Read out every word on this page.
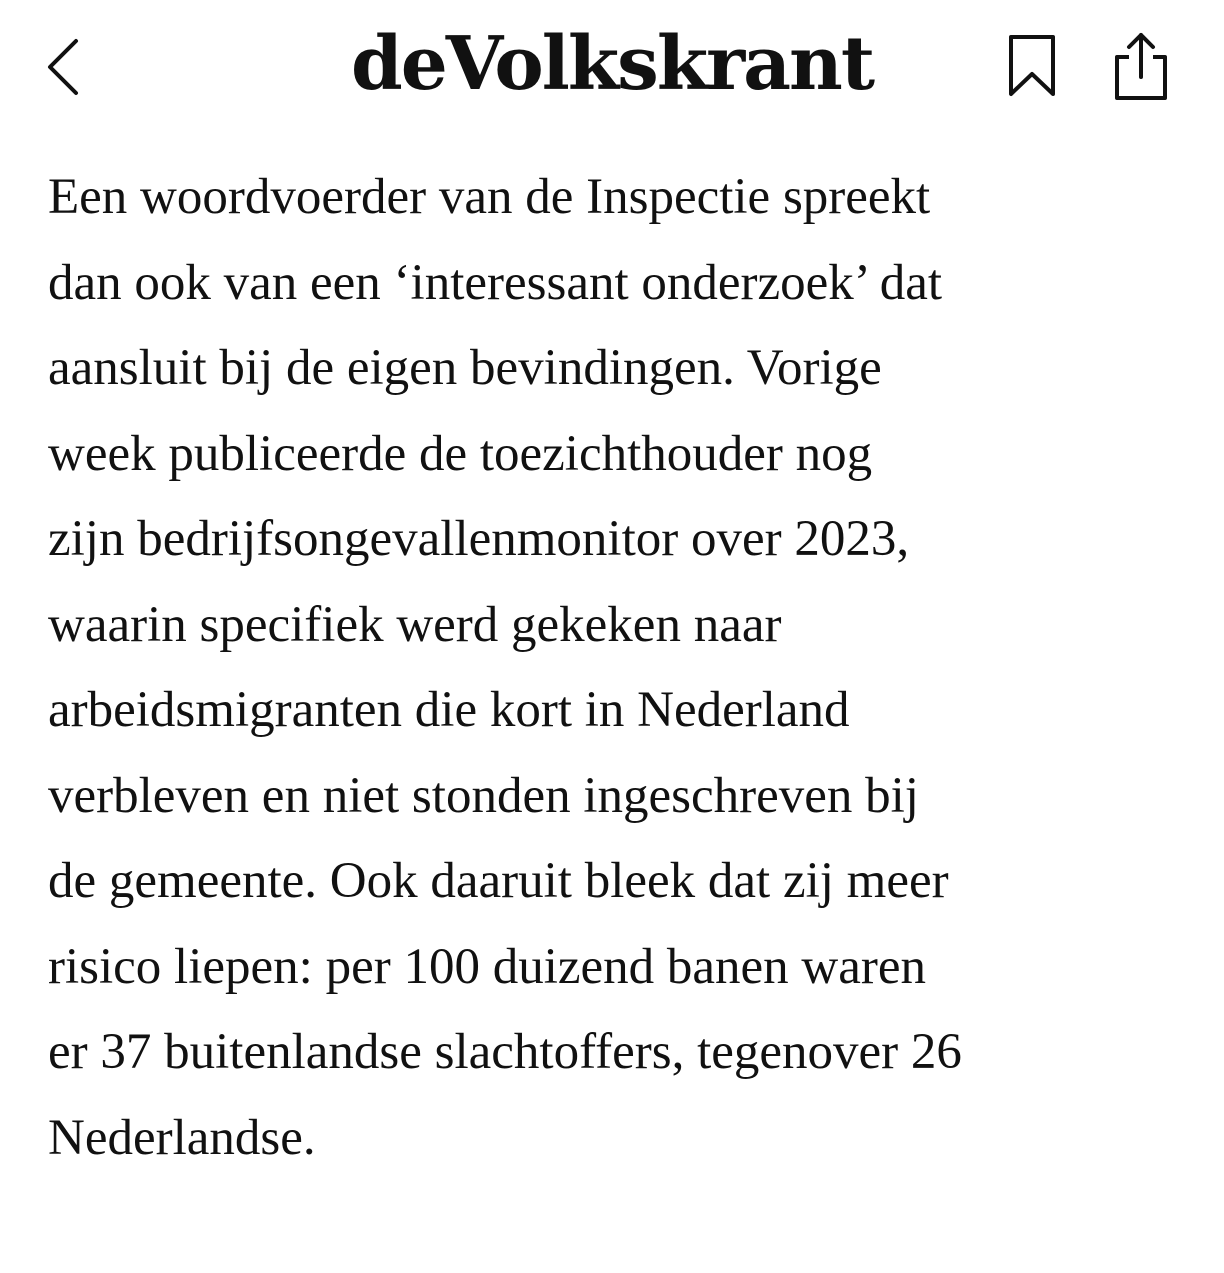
deVolkskrant
Een woordvoerder van de Inspectie spreekt
dan ook van een ‘interessant onderzoek’ dat
aansluit bij de eigen bevindingen. Vorige
week publiceerde de toezichthouder nog
zijn bedrijfsongevallenmonitor over 2023,
waarin specifiek werd gekeken naar
arbeidsmigranten die kort in Nederland
verbleven en niet stonden ingeschreven bij
de gemeente. Ook daaruit bleek dat zij meer
risico liepen: per 100 duizend banen waren
er 37 buitenlandse slachtoffers, tegenover 26
Nederlandse.
